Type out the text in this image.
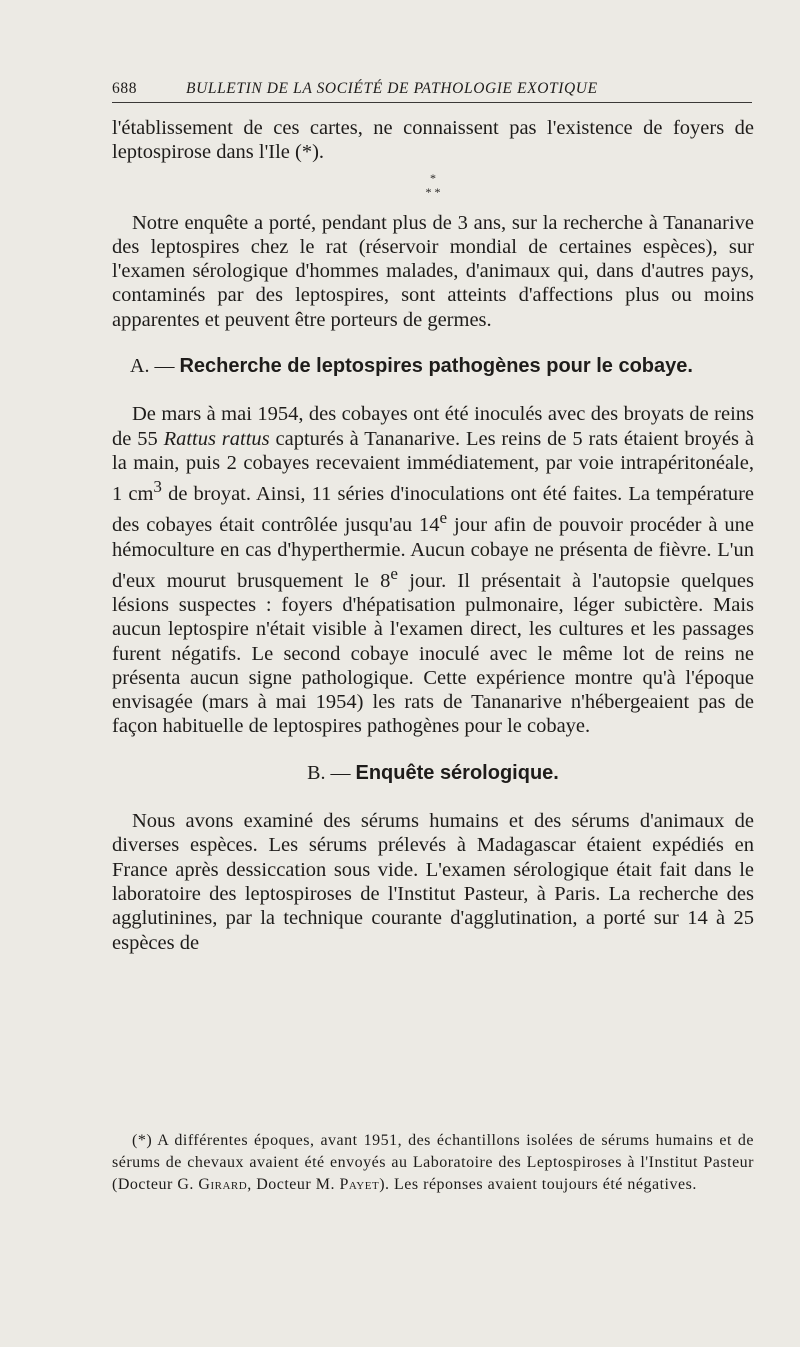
688	BULLETIN DE LA SOCIÉTÉ DE PATHOLOGIE EXOTIQUE

l'établissement de ces cartes, ne connaissent pas l'existence de foyers de leptospirose dans l'Ile (*).

*
* *

Notre enquête a porté, pendant plus de 3 ans, sur la recherche à Tananarive des leptospires chez le rat (réservoir mondial de certaines espèces), sur l'examen sérologique d'hommes malades, d'animaux qui, dans d'autres pays, contaminés par des leptospires, sont atteints d'affections plus ou moins apparentes et peuvent être porteurs de germes.

A. — Recherche de leptospires pathogènes pour le cobaye.

De mars à mai 1954, des cobayes ont été inoculés avec des broyats de reins de 55 Rattus rattus capturés à Tananarive. Les reins de 5 rats étaient broyés à la main, puis 2 cobayes recevaient immédiatement, par voie intrapéritonéale, 1 $cm^3$ de broyat. Ainsi, 11 séries d'inoculations ont été faites. La température des cobayes était contrôlée jusqu'au 14e jour afin de pouvoir procéder à une hémoculture en cas d'hyperthermie. Aucun cobaye ne présenta de fièvre. L'un d'eux mourut brusquement le 8e jour. Il présentait à l'autopsie quelques lésions suspectes : foyers d'hépatisation pulmonaire, léger subictère. Mais aucun leptospire n'était visible à l'examen direct, les cultures et les passages furent négatifs. Le second cobaye inoculé avec le même lot de reins ne présenta aucun signe pathologique. Cette expérience montre qu'à l'époque envisagée (mars à mai 1954) les rats de Tananarive n'hébergeaient pas de façon habituelle de leptospires pathogènes pour le cobaye.

B. — Enquête sérologique.

Nous avons examiné des sérums humains et des sérums d'animaux de diverses espèces. Les sérums prélevés à Madagascar étaient expédiés en France après dessiccation sous vide. L'examen sérologique était fait dans le laboratoire des leptospiroses de l'Institut Pasteur, à Paris. La recherche des agglutinines, par la technique courante d'agglutination, a porté sur 14 à 25 espèces de

(*) A différentes époques, avant 1951, des échantillons isolées de sérums humains et de sérums de chevaux avaient été envoyés au Laboratoire des Leptospiroses à l'Institut Pasteur (Docteur G. Girard, Docteur M. Payet). Les réponses avaient toujours été négatives.
